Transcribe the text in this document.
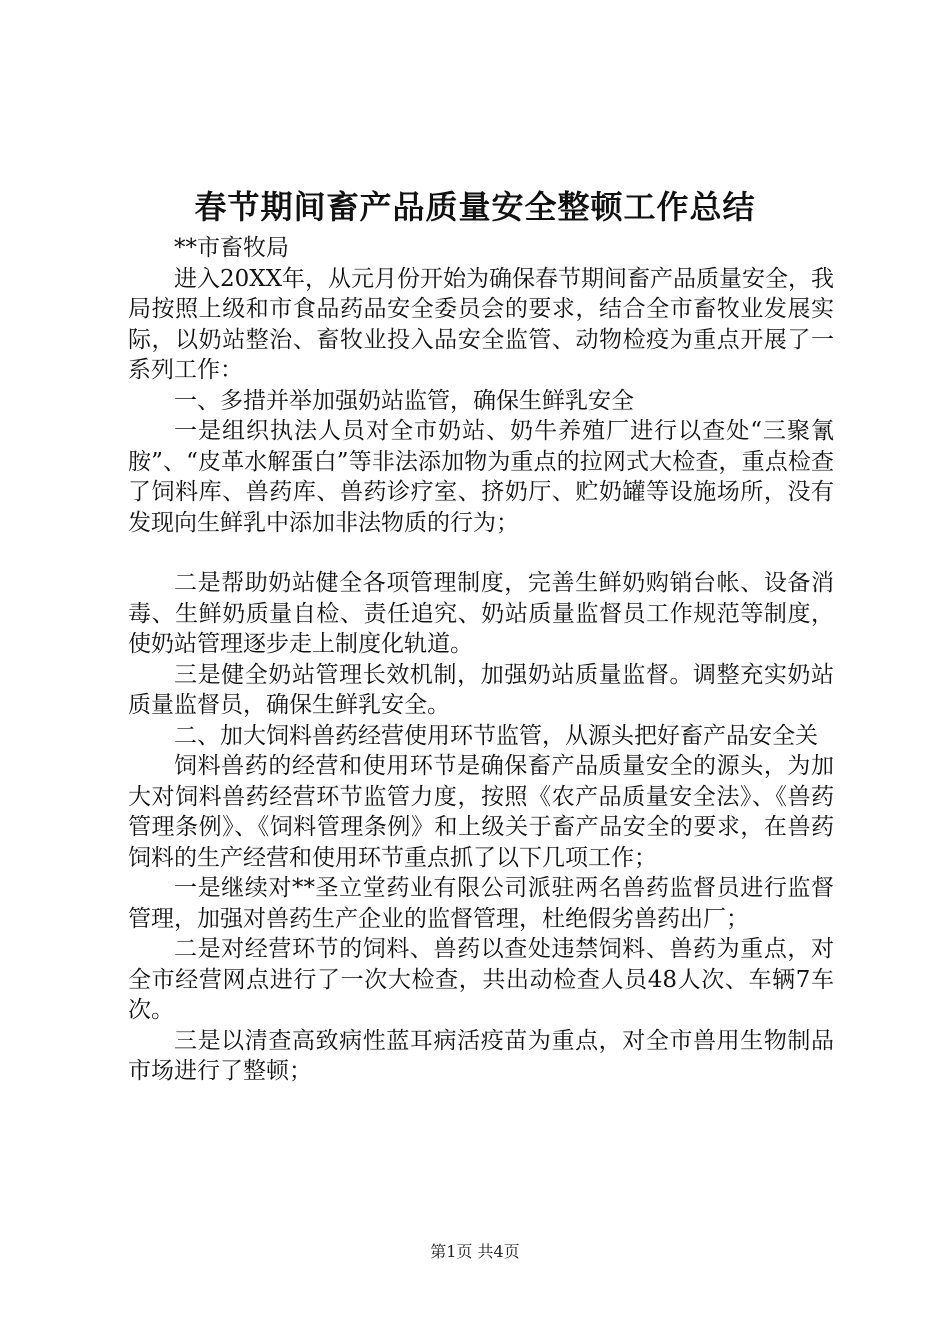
春节期间畜产品质量安全整顿工作总结

**市畜牧局

进入20XX年，从元月份开始为确保春节期间畜产品质量安全，我局按照上级和市食品药品安全委员会的要求，结合全市畜牧业发展实际，以奶站整治、畜牧业投入品安全监管、动物检疫为重点开展了一系列工作：

一、多措并举加强奶站监管，确保生鲜乳安全

一是组织执法人员对全市奶站、奶牛养殖厂进行以查处“三聚氰胺”、“皮革水解蛋白”等非法添加物为重点的拉网式大检查，重点检查了饲料库、兽药库、兽药诊疗室、挤奶厅、贮奶罐等设施场所，没有发现向生鲜乳中添加非法物质的行为；

二是帮助奶站健全各项管理制度，完善生鲜奶购销台帐、设备消毒、生鲜奶质量自检、责任追究、奶站质量监督员工作规范等制度，使奶站管理逐步走上制度化轨道。

三是健全奶站管理长效机制，加强奶站质量监督。调整充实奶站质量监督员，确保生鲜乳安全。

二、加大饲料兽药经营使用环节监管，从源头把好畜产品安全关

饲料兽药的经营和使用环节是确保畜产品质量安全的源头，为加大对饲料兽药经营环节监管力度，按照《农产品质量安全法》、《兽药管理条例》、《饲料管理条例》和上级关于畜产品安全的要求，在兽药饲料的生产经营和使用环节重点抓了以下几项工作；

一是继续对**圣立堂药业有限公司派驻两名兽药监督员进行监督管理，加强对兽药生产企业的监督管理，杜绝假劣兽药出厂；

二是对经营环节的饲料、兽药以查处违禁饲料、兽药为重点，对全市经营网点进行了一次大检查，共出动检查人员48人次、车辆7车次。

三是以清查高致病性蓝耳病活疫苗为重点，对全市兽用生物制品市场进行了整顿；

第1页 共4页
